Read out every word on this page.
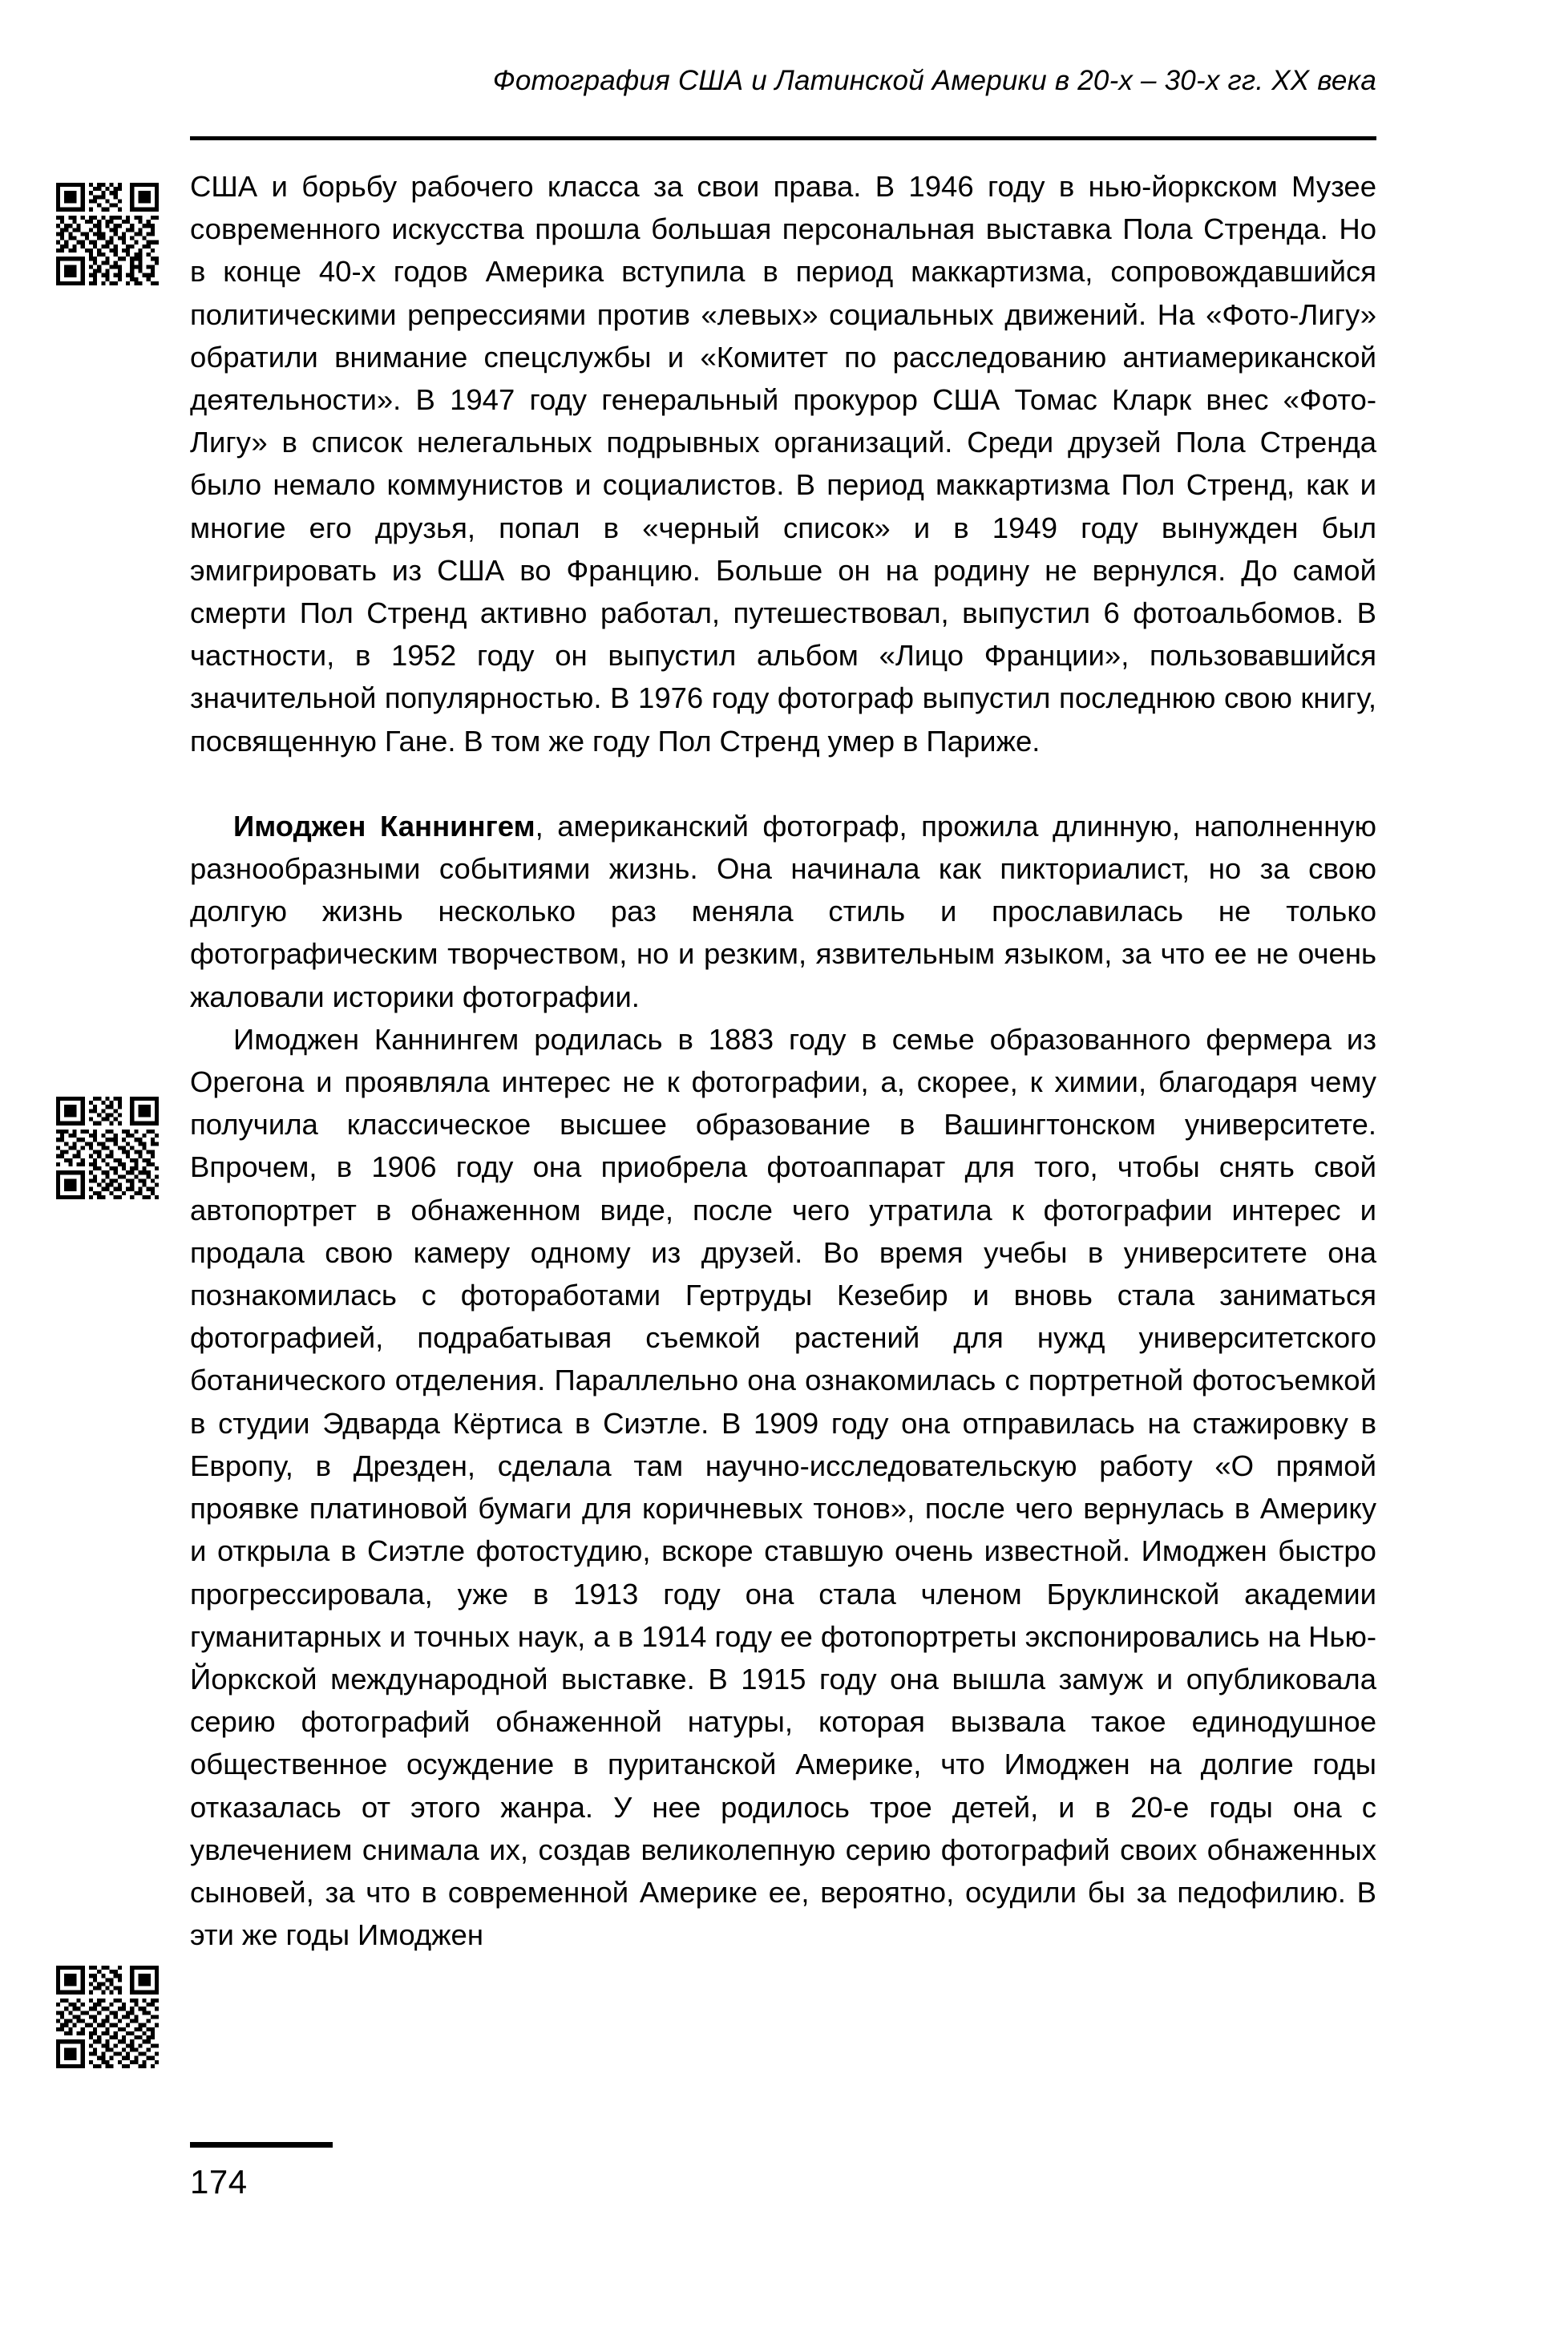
Фотография США и Латинской Америки в 20-х – 30-х гг. XX века

США и борьбу рабочего класса за свои права. В 1946 году в нью-йоркском Музее современного искусства прошла большая персональная выставка Пола Стренда. Но в конце 40-х годов Америка вступила в период маккартизма, сопровождавшийся политическими репрессиями против «левых» социальных движений. На «Фото-Лигу» обратили внимание спецслужбы и «Комитет по расследованию антиамериканской деятельности». В 1947 году генеральный прокурор США Томас Кларк внес «Фото-Лигу» в список нелегальных подрывных организаций. Среди друзей Пола Стренда было немало коммунистов и социалистов. В период маккартизма Пол Стренд, как и многие его друзья, попал в «черный список» и в 1949 году вынужден был эмигрировать из США во Францию. Больше он на родину не вернулся. До самой смерти Пол Стренд активно работал, путешествовал, выпустил 6 фотоальбомов. В частности, в 1952 году он выпустил альбом «Лицо Франции», пользовавшийся значительной популярностью. В 1976 году фотограф выпустил последнюю свою книгу, посвященную Гане. В том же году Пол Стренд умер в Париже.

Имоджен Каннингем, американский фотограф, прожила длинную, наполненную разнообразными событиями жизнь. Она начинала как пикториалист, но за свою долгую жизнь несколько раз меняла стиль и прославилась не только фотографическим творчеством, но и резким, язвительным языком, за что ее не очень жаловали историки фотографии.

Имоджен Каннингем родилась в 1883 году в семье образованного фермера из Орегона и проявляла интерес не к фотографии, а, скорее, к химии, благодаря чему получила классическое высшее образование в Вашингтонском университете. Впрочем, в 1906 году она приобрела фотоаппарат для того, чтобы снять свой автопортрет в обнаженном виде, после чего утратила к фотографии интерес и продала свою камеру одному из друзей. Во время учебы в университете она познакомилась с фотоработами Гертруды Кезебир и вновь стала заниматься фотографией, подрабатывая съемкой растений для нужд университетского ботанического отделения. Параллельно она ознакомилась с портретной фотосъемкой в студии Эдварда Кёртиса в Сиэтле. В 1909 году она отправилась на стажировку в Европу, в Дрезден, сделала там научно-исследовательскую работу «О прямой проявке платиновой бумаги для коричневых тонов», после чего вернулась в Америку и открыла в Сиэтле фотостудию, вскоре ставшую очень известной. Имоджен быстро прогрессировала, уже в 1913 году она стала членом Бруклинской академии гуманитарных и точных наук, а в 1914 году ее фотопортреты экспонировались на Нью-Йоркской международной выставке. В 1915 году она вышла замуж и опубликовала серию фотографий обнаженной натуры, которая вызвала такое единодушное общественное осуждение в пуританской Америке, что Имоджен на долгие годы отказалась от этого жанра. У нее родилось трое детей, и в 20-е годы она с увлечением снимала их, создав великолепную серию фотографий своих обнаженных сыновей, за что в современной Америке ее, вероятно, осудили бы за педофилию. В эти же годы Имоджен

174
